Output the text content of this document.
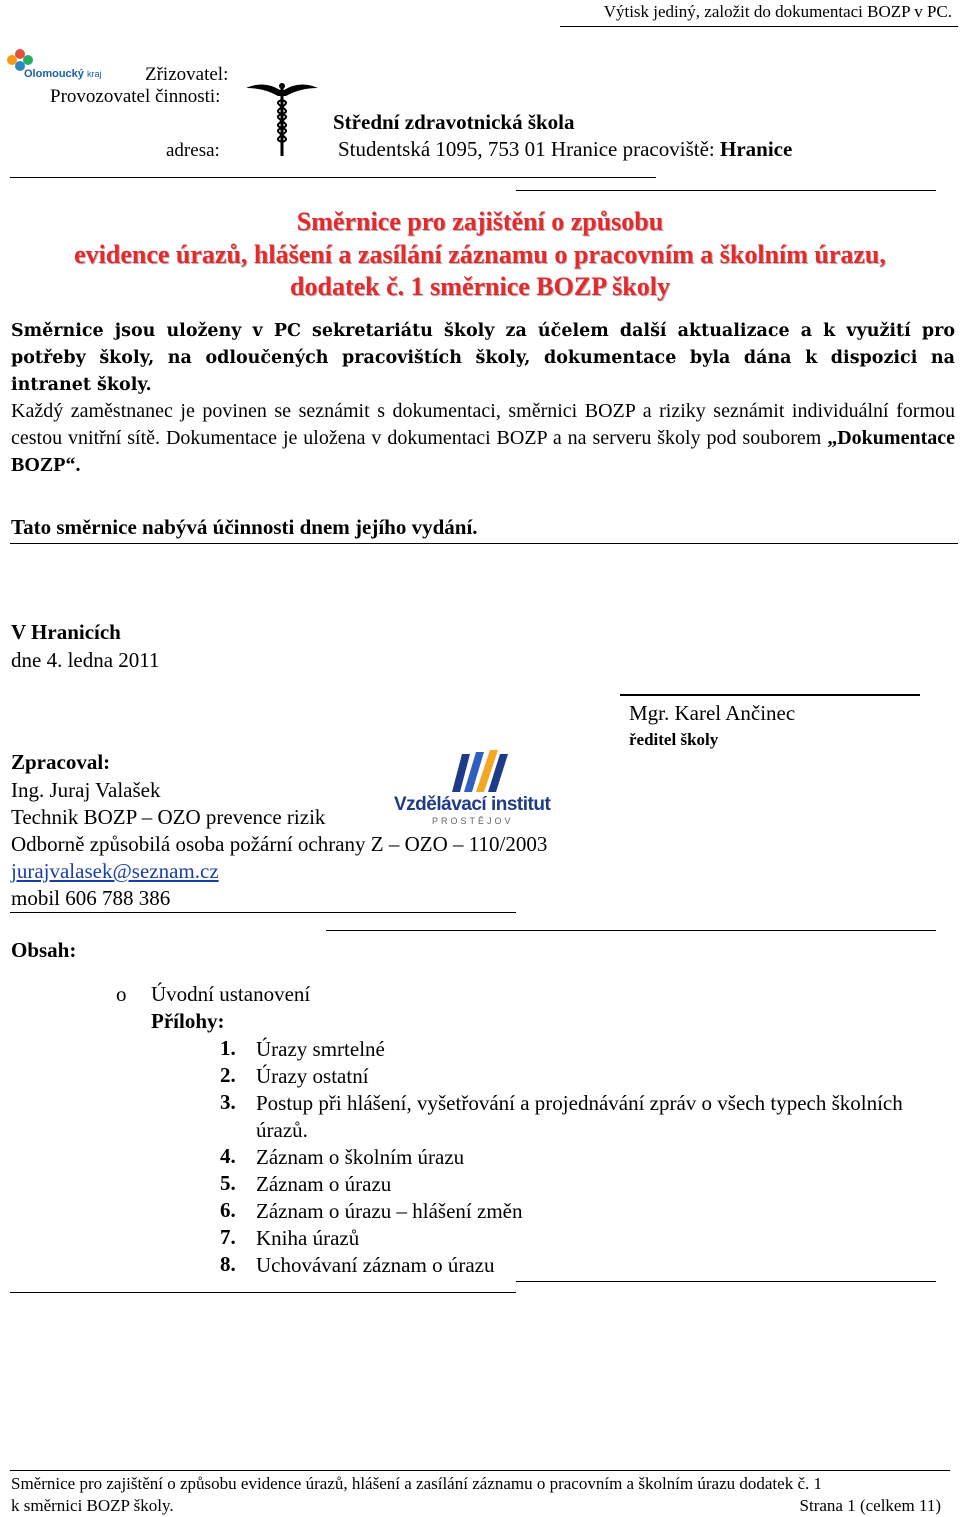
Výtisk jediný, založit do dokumentaci BOZP v PC.
Olomoucký kraj Zřizovatel:
Provozovatel činnosti:
adresa:
Střední zdravotnická škola
Studentská 1095, 753 01 Hranice pracoviště: Hranice
Směrnice pro zajištění o způsobu
evidence úrazů, hlášení a zasílání záznamu o pracovním a školním úrazu,
dodatek č. 1 směrnice BOZP školy
Směrnice jsou uloženy v PC sekretariátu školy za účelem další aktualizace a k využití pro potřeby školy, na odloučených pracovištích školy, dokumentace byla dána k dispozici na intranet školy.
Každý zaměstnanec je povinen se seznámit s dokumentaci, směrnici BOZP a riziky seznámit individuální formou cestou vnitřní sítě. Dokumentace je uložena v dokumentaci BOZP a na serveru školy pod souborem „Dokumentace BOZP“.
Tato směrnice nabývá účinnosti dnem jejího vydání.
V Hranicích
dne 4. ledna 2011
Mgr. Karel Ančinec
ředitel školy
Zpracoval:
Ing. Juraj Valašek
Technik BOZP – OZO prevence rizik
Odborně způsobilá osoba požární ochrany Z – OZO – 110/2003
jurajvalasek@seznam.cz
mobil 606 788 386
Vzdělávací institut
PROSTĚJOV
Obsah:
o Úvodní ustanovení
Přílohy:
1. Úrazy smrtelné
2. Úrazy ostatní
3. Postup při hlášení, vyšetřování a projednávání zpráv o všech typech školních úrazů.
4. Záznam o školním úrazu
5. Záznam o úrazu
6. Záznam o úrazu – hlášení změn
7. Kniha úrazů
8. Uchovávaní záznam o úrazu
Směrnice pro zajištění o způsobu evidence úrazů, hlášení a zasílání záznamu o pracovním a školním úrazu dodatek č. 1
k směrnici BOZP školy.	Strana 1 (celkem 11)
